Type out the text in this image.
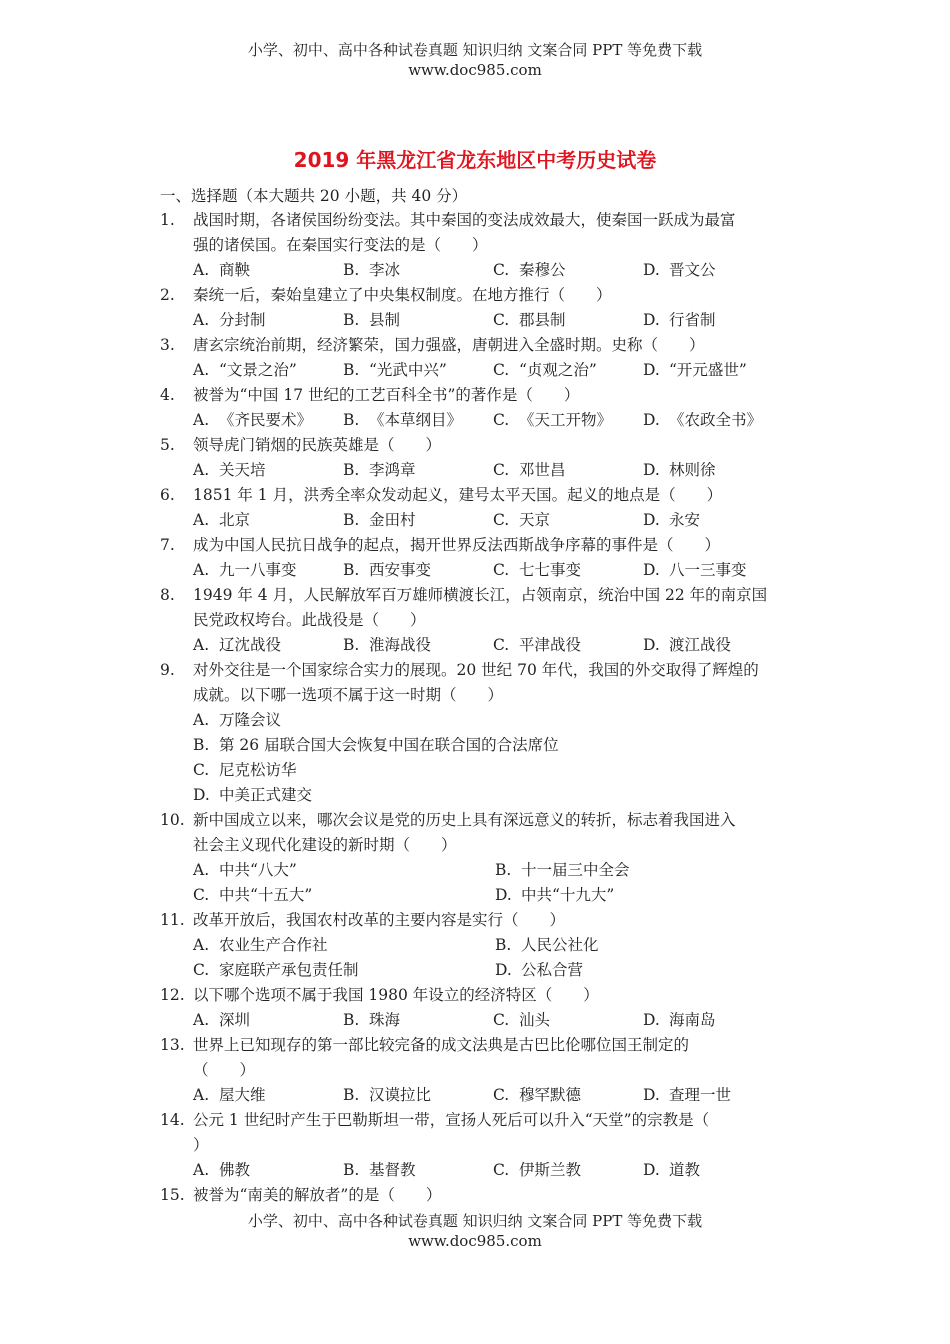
小学、初中、高中各种试卷真题 知识归纳 文案合同 PPT 等免费下载
www.doc985.com
2019 年黑龙江省龙东地区中考历史试卷
一、选择题（本大题共 20 小题，共 40 分）
1. 战国时期，各诸侯国纷纷变法。其中秦国的变法成效最大，使秦国一跃成为最富
强的诸侯国。在秦国实行变法的是（　　）
A. 商鞅	B. 李冰	C. 秦穆公	D. 晋文公
2. 秦统一后，秦始皇建立了中央集权制度。在地方推行（　　）
A. 分封制	B. 县制	C. 郡县制	D. 行省制
3. 唐玄宗统治前期，经济繁荣，国力强盛，唐朝进入全盛时期。史称（　　）
A. “文景之治”	B. “光武中兴”	C. “贞观之治”	D. “开元盛世”
4. 被誉为“中国 17 世纪的工艺百科全书”的著作是（　　）
A. 《齐民要术》 B. 《本草纲目》 C. 《天工开物》 D. 《农政全书》
5. 领导虎门销烟的民族英雄是（　　）
A. 关天培	B. 李鸿章	C. 邓世昌	D. 林则徐
6. 1851 年 1 月，洪秀全率众发动起义，建号太平天国。起义的地点是（　　）
A. 北京	B. 金田村	C. 天京	D. 永安
7. 成为中国人民抗日战争的起点，揭开世界反法西斯战争序幕的事件是（　　）
A. 九一八事变	B. 西安事变	C. 七七事变	D. 八一三事变
8. 1949 年 4 月，人民解放军百万雄师横渡长江，占领南京，统治中国 22 年的南京国
民党政权垮台。此战役是（　　）
A. 辽沈战役	B. 淮海战役	C. 平津战役	D. 渡江战役
9. 对外交往是一个国家综合实力的展现。20 世纪 70 年代，我国的外交取得了辉煌的
成就。以下哪一选项不属于这一时期（　　）
A. 万隆会议
B. 第 26 届联合国大会恢复中国在联合国的合法席位
C. 尼克松访华
D. 中美正式建交
10. 新中国成立以来，哪次会议是党的历史上具有深远意义的转折，标志着我国进入
社会主义现代化建设的新时期（　　）
A. 中共“八大”	B. 十一届三中全会
C. 中共“十五大”	D. 中共“十九大”
11. 改革开放后，我国农村改革的主要内容是实行（　　）
A. 农业生产合作社	B. 人民公社化
C. 家庭联产承包责任制	D. 公私合营
12. 以下哪个选项不属于我国 1980 年设立的经济特区（　　）
A. 深圳	B. 珠海	C. 汕头	D. 海南岛
13. 世界上已知现存的第一部比较完备的成文法典是古巴比伦哪位国王制定的
（　　）
A. 屋大维	B. 汉谟拉比	C. 穆罕默德	D. 查理一世
14. 公元 1 世纪时产生于巴勒斯坦一带，宣扬人死后可以升入“天堂”的宗教是（
）
A. 佛教	B. 基督教	C. 伊斯兰教	D. 道教
15. 被誉为“南美的解放者”的是（　　）
小学、初中、高中各种试卷真题 知识归纳 文案合同 PPT 等免费下载
www.doc985.com
